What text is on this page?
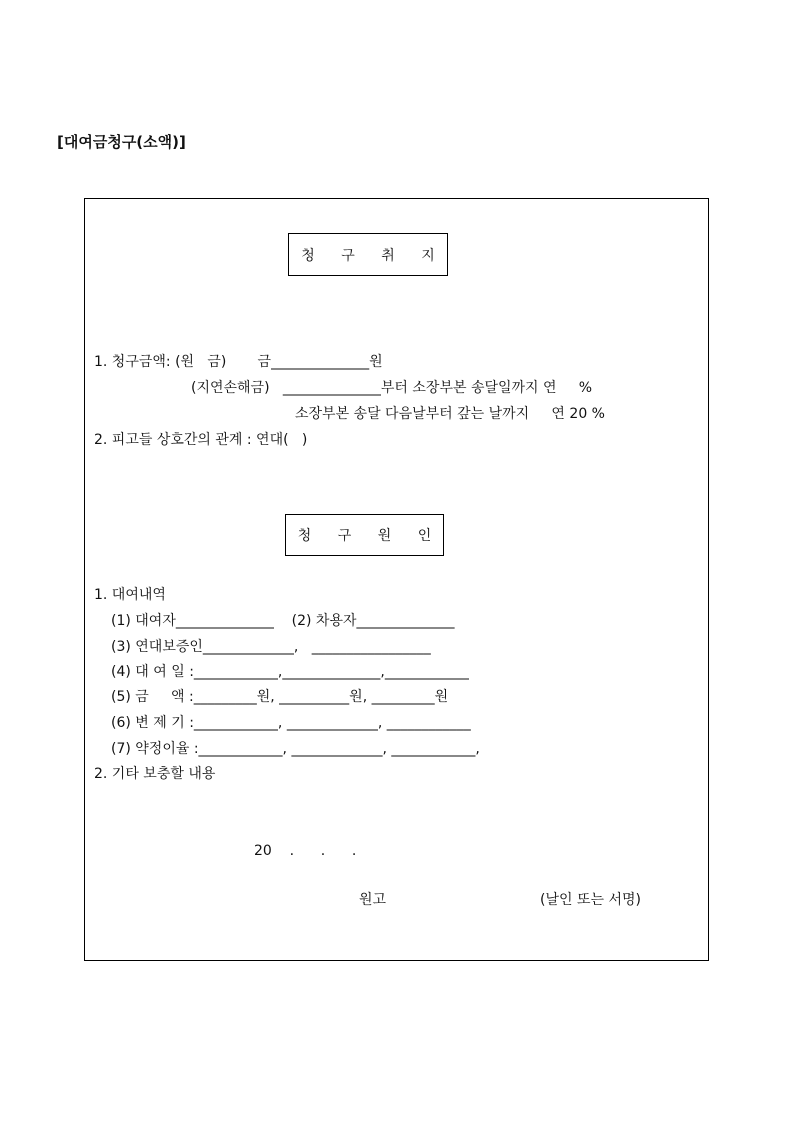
[대여금청구(소액)]
청 구 취 지
1. 청구금액: (원   금)       금______________원
(지연손해금)   ______________부터 소장부본 송달일까지 연     %
소장부본 송달 다음날부터 갚는 날까지     연 20 %
2. 피고들 상호간의 관계 : 연대(   )
청 구 원 인
1. 대여내역
(1) 대여자______________    (2) 차용자______________
(3) 연대보증인_____________,   _________________
(4) 대 여 일 :____________,______________,____________
(5) 금     액 :_________원, __________원, _________원
(6) 변 제 기 :____________, _____________, ____________
(7) 약정이율 :____________, _____________, ____________,
2. 기타 보충할 내용
20    .      .      .
원고	(날인 또는 서명)
